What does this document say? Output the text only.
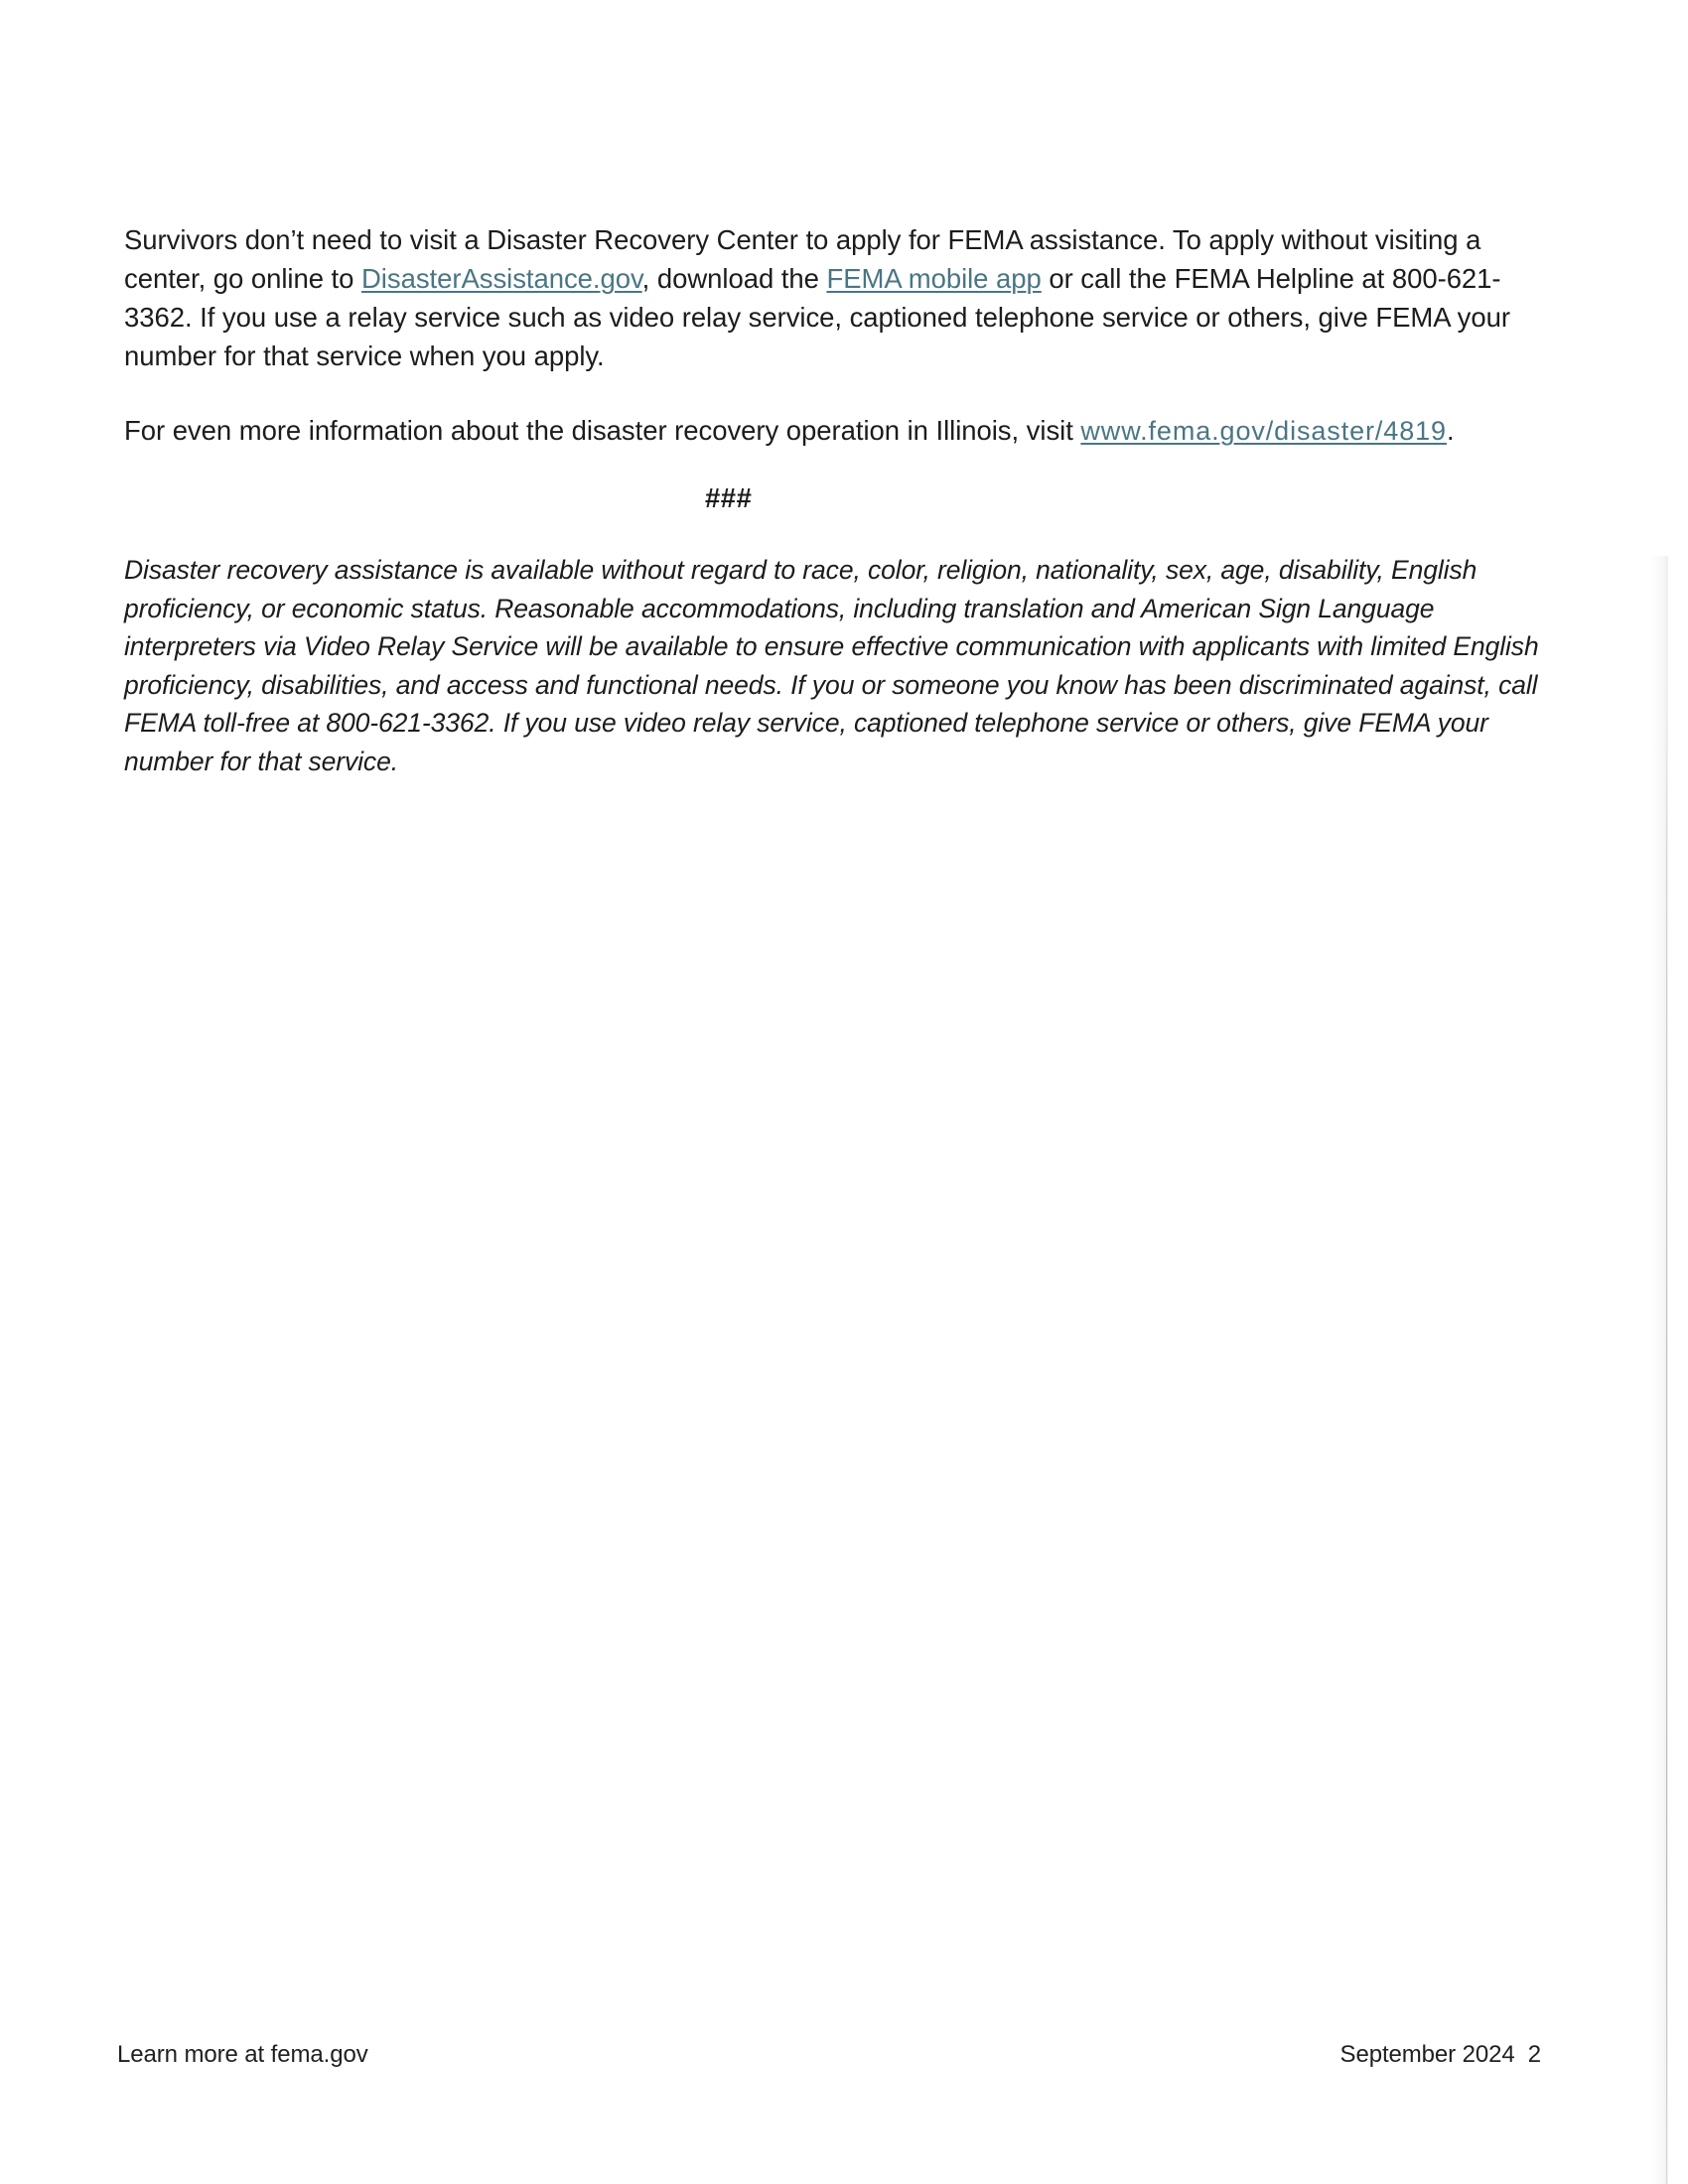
Survivors don’t need to visit a Disaster Recovery Center to apply for FEMA assistance. To apply without visiting a center, go online to DisasterAssistance.gov, download the FEMA mobile app or call the FEMA Helpline at 800-621-3362. If you use a relay service such as video relay service, captioned telephone service or others, give FEMA your number for that service when you apply.

For even more information about the disaster recovery operation in Illinois, visit www.fema.gov/disaster/4819.

###

Disaster recovery assistance is available without regard to race, color, religion, nationality, sex, age, disability, English proficiency, or economic status. Reasonable accommodations, including translation and American Sign Language interpreters via Video Relay Service will be available to ensure effective communication with applicants with limited English proficiency, disabilities, and access and functional needs. If you or someone you know has been discriminated against, call FEMA toll-free at 800-621-3362. If you use video relay service, captioned telephone service or others, give FEMA your number for that service.

Learn more at fema.gov	September 2024  2
